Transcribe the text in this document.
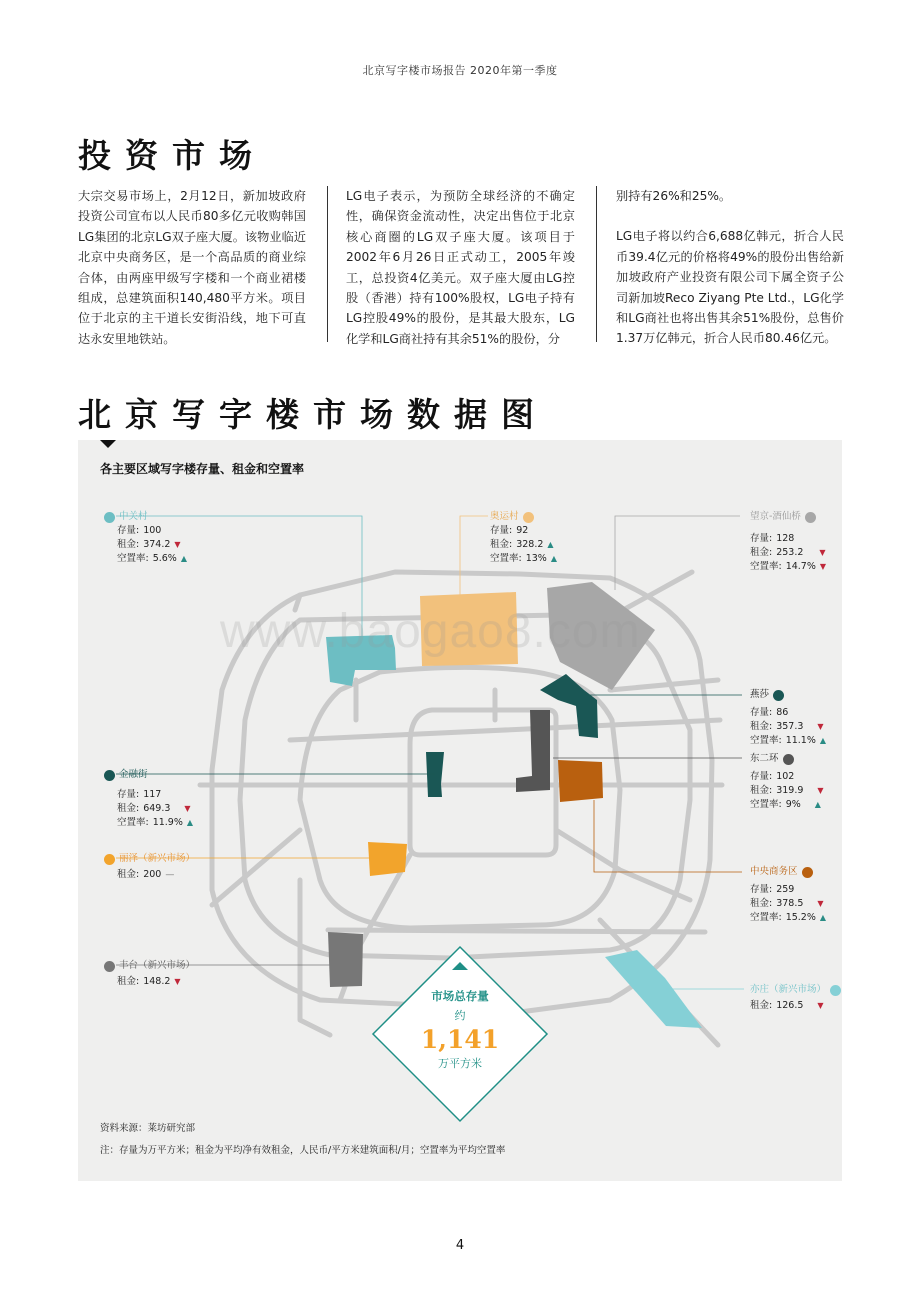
北京写字楼市场报告 2020年第一季度
投资市场

大宗交易市场上，2月12日，新加坡政府投资公司宣布以人民币80多亿元收购韩国LG集团的北京LG双子座大厦。该物业临近北京中央商务区，是一个高品质的商业综合体，由两座甲级写字楼和一个商业裙楼组成，总建筑面积140,480平方米。项目位于北京的主干道长安街沿线，地下可直达永安里地铁站。

LG电子表示，为预防全球经济的不确定性，确保资金流动性，决定出售位于北京核心商圈的LG双子座大厦。该项目于2002年6月26日正式动工，2005年竣工，总投资4亿美元。双子座大厦由LG控股（香港）持有100%股权，LG电子持有LG控股49%的股份，是其最大股东，LG化学和LG商社持有其余51%的股份，分

别持有26%和25%。

LG电子将以约合6,688亿韩元，折合人民币39.4亿元的价格将49%的股份出售给新加坡政府产业投资有限公司下属全资子公司新加坡Reco Ziyang Pte Ltd.，LG化学和LG商社也将出售其余51%股份，总售价1.37万亿韩元，折合人民币80.46亿元。

北京写字楼市场数据图
各主要区域写字楼存量、租金和空置率
www.baogao8.com
中关村
存量: 100
租金: 374.2 ▼
空置率: 5.6% ▲
奥运村
存量: 92
租金: 328.2 ▲
空置率: 13% ▲
望京-酒仙桥
存量: 128
租金: 253.2 ▼
空置率: 14.7% ▼
燕莎
存量: 86
租金: 357.3 ▼
空置率: 11.1% ▲
东二环
存量: 102
租金: 319.9 ▼
空置率: 9% ▲
中央商务区
存量: 259
租金: 378.5 ▼
空置率: 15.2% ▲
金融街
存量: 117
租金: 649.3 ▼
空置率: 11.9% ▲
丽泽（新兴市场）
租金: 200 —
丰台（新兴市场）
租金: 148.2 ▼
亦庄（新兴市场）
租金: 126.5 ▼
市场总存量
约
1,141
万平方米
资料来源：莱坊研究部
注：存量为万平方米；租金为平均净有效租金，人民币/平方米建筑面积/月；空置率为平均空置率
4
